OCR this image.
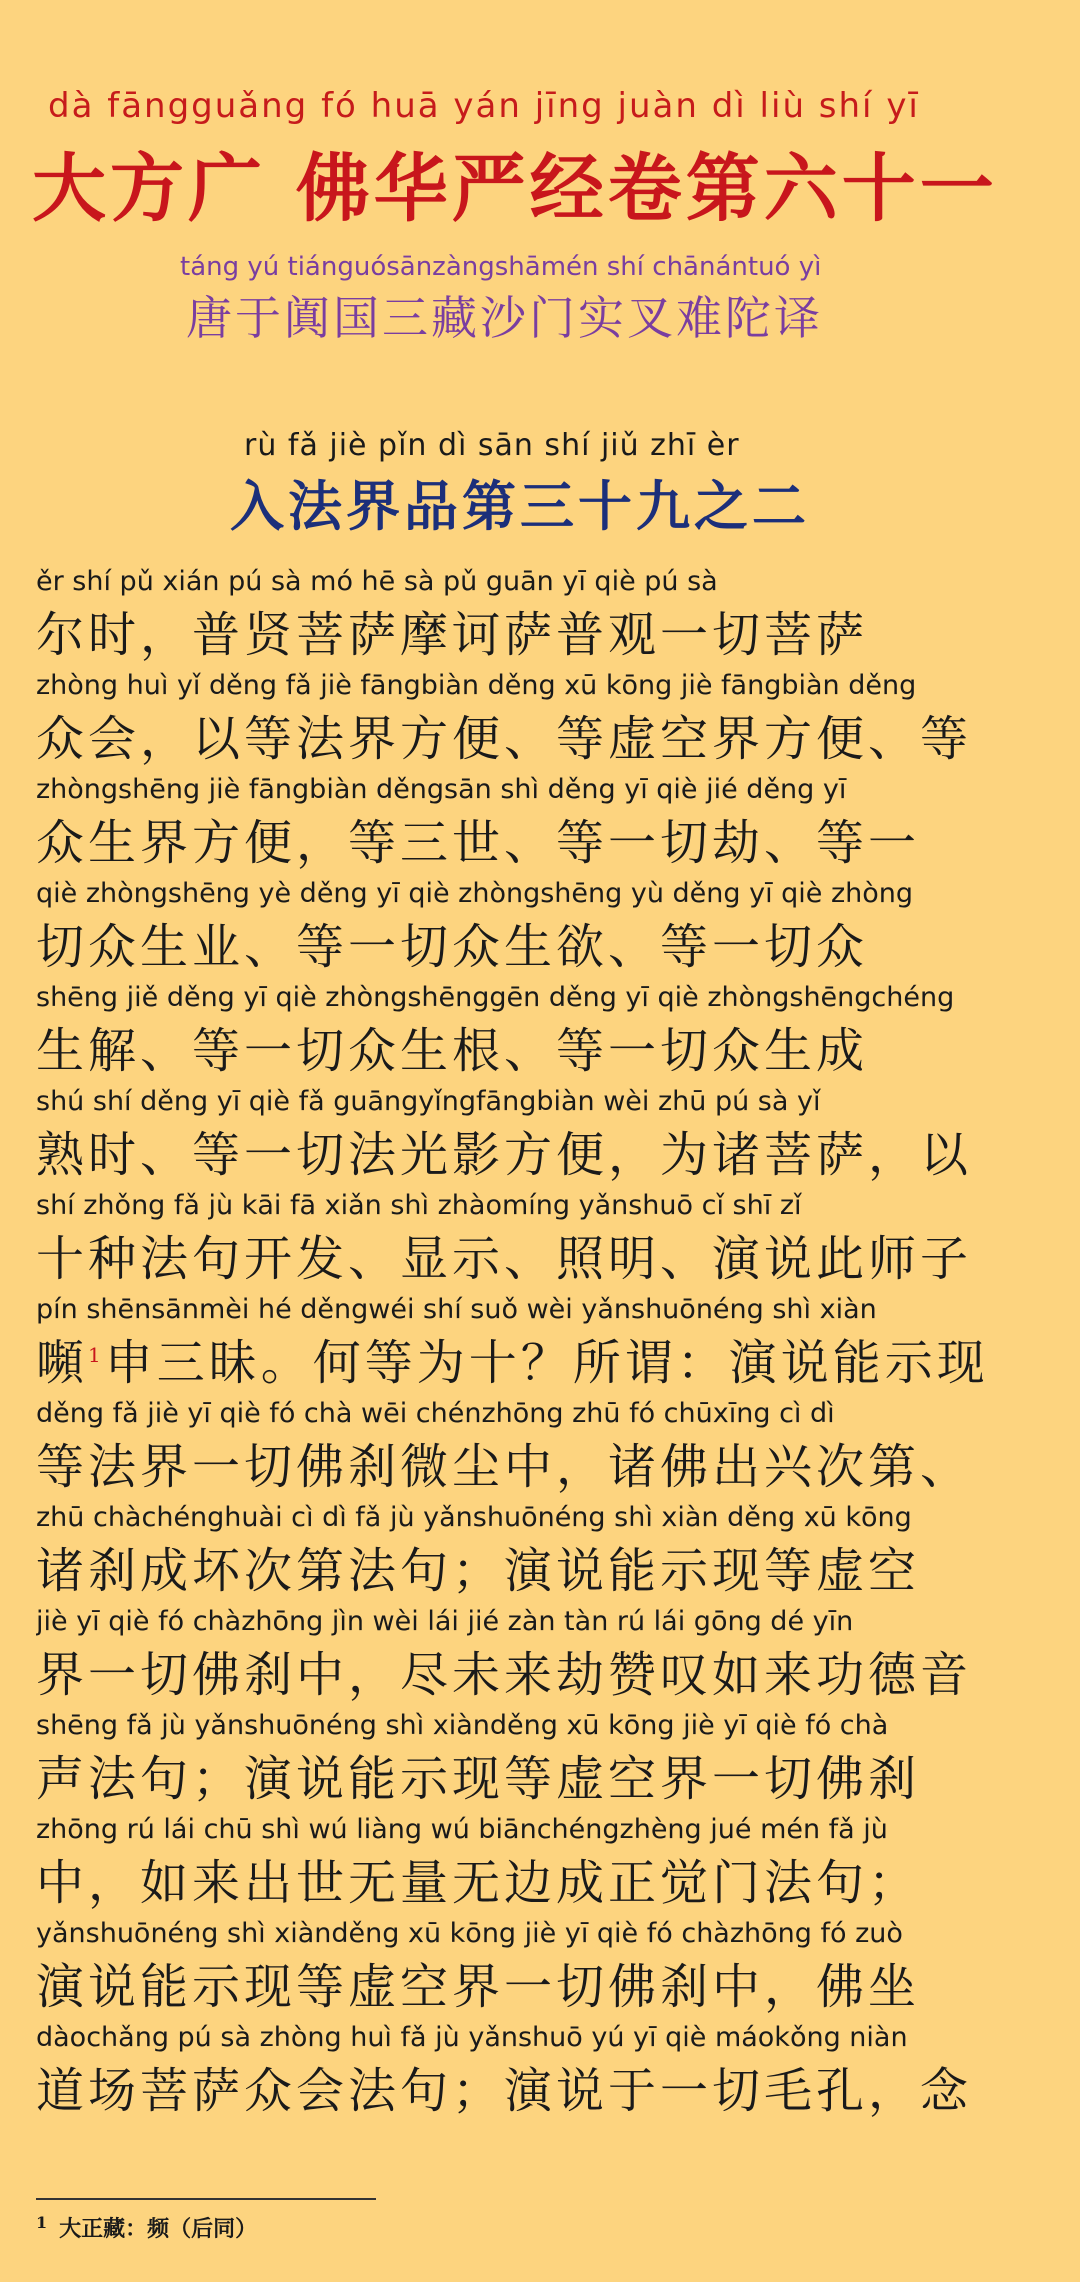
dà fāngguǎng fó huā yán jīng juàn dì liù shí yī
大方广 佛华严经卷第六十一
táng yú tiánguósānzàngshāmén shí chānántuó yì
唐于阗国三藏沙门实叉难陀译
rù fǎ jiè pǐn dì sān shí jiǔ zhī èr
入法界品第三十九之二
ěr shí pǔ xián pú sà mó hē sà pǔ guān yī qiè pú sà
尔时，普贤菩萨摩诃萨普观一切菩萨
zhòng huì yǐ děng fǎ jiè fāngbiàn děng xū kōng jiè fāngbiàn děng
众会，以等法界方便、等虚空界方便、等
zhòngshēng jiè fāngbiàn děngsān shì děng yī qiè jié děng yī
众生界方便，等三世、等一切劫、等一
qiè zhòngshēng yè děng yī qiè zhòngshēng yù děng yī qiè zhòng
切众生业、等一切众生欲、等一切众
shēng jiě děng yī qiè zhòngshēnggēn děng yī qiè zhòngshēngchéng
生解、等一切众生根、等一切众生成
shú shí děng yī qiè fǎ guāngyǐngfāngbiàn wèi zhū pú sà yǐ
熟时、等一切法光影方便，为诸菩萨，以
shí zhǒng fǎ jù kāi fā xiǎn shì zhàomíng yǎnshuō cǐ shī zǐ
十种法句开发、显示、照明、演说此师子
pín shēnsānmèi hé děngwéi shí suǒ wèi yǎnshuōnéng shì xiàn
嚬$^1$申三昧。何等为十？所谓：演说能示现
děng fǎ jiè yī qiè fó chà wēi chénzhōng zhū fó chūxīng cì dì
等法界一切佛刹微尘中，诸佛出兴次第、
zhū chàchénghuài cì dì fǎ jù yǎnshuōnéng shì xiàn děng xū kōng
诸刹成坏次第法句；演说能示现等虚空
jiè yī qiè fó chàzhōng jìn wèi lái jié zàn tàn rú lái gōng dé yīn
界一切佛刹中，尽未来劫赞叹如来功德音
shēng fǎ jù yǎnshuōnéng shì xiànděng xū kōng jiè yī qiè fó chà
声法句；演说能示现等虚空界一切佛刹
zhōng rú lái chū shì wú liàng wú biānchéngzhèng jué mén fǎ jù
中，如来出世无量无边成正觉门法句；
yǎnshuōnéng shì xiànděng xū kōng jiè yī qiè fó chàzhōng fó zuò
演说能示现等虚空界一切佛刹中，佛坐
dàochǎng pú sà zhòng huì fǎ jù yǎnshuō yú yī qiè máokǒng niàn
道场菩萨众会法句；演说于一切毛孔，念
$^1$ 大正藏：频（后同）
